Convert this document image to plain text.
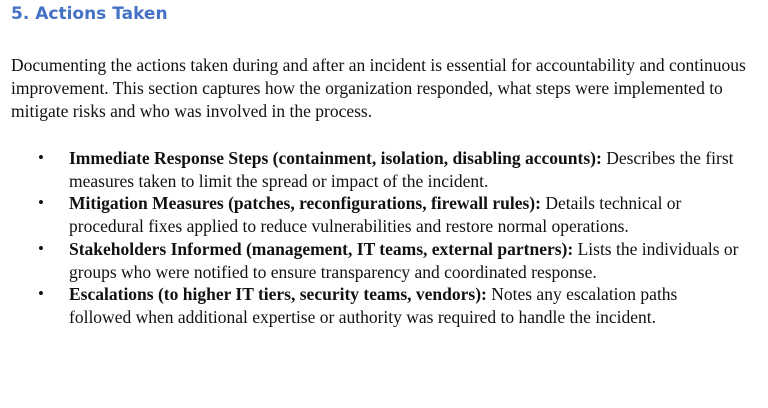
5. Actions Taken

Documenting the actions taken during and after an incident is essential for accountability and continuous improvement. This section captures how the organization responded, what steps were implemented to mitigate risks and who was involved in the process.

• Immediate Response Steps (containment, isolation, disabling accounts): Describes the first measures taken to limit the spread or impact of the incident.
• Mitigation Measures (patches, reconfigurations, firewall rules): Details technical or procedural fixes applied to reduce vulnerabilities and restore normal operations.
• Stakeholders Informed (management, IT teams, external partners): Lists the individuals or groups who were notified to ensure transparency and coordinated response.
• Escalations (to higher IT tiers, security teams, vendors): Notes any escalation paths followed when additional expertise or authority was required to handle the incident.
